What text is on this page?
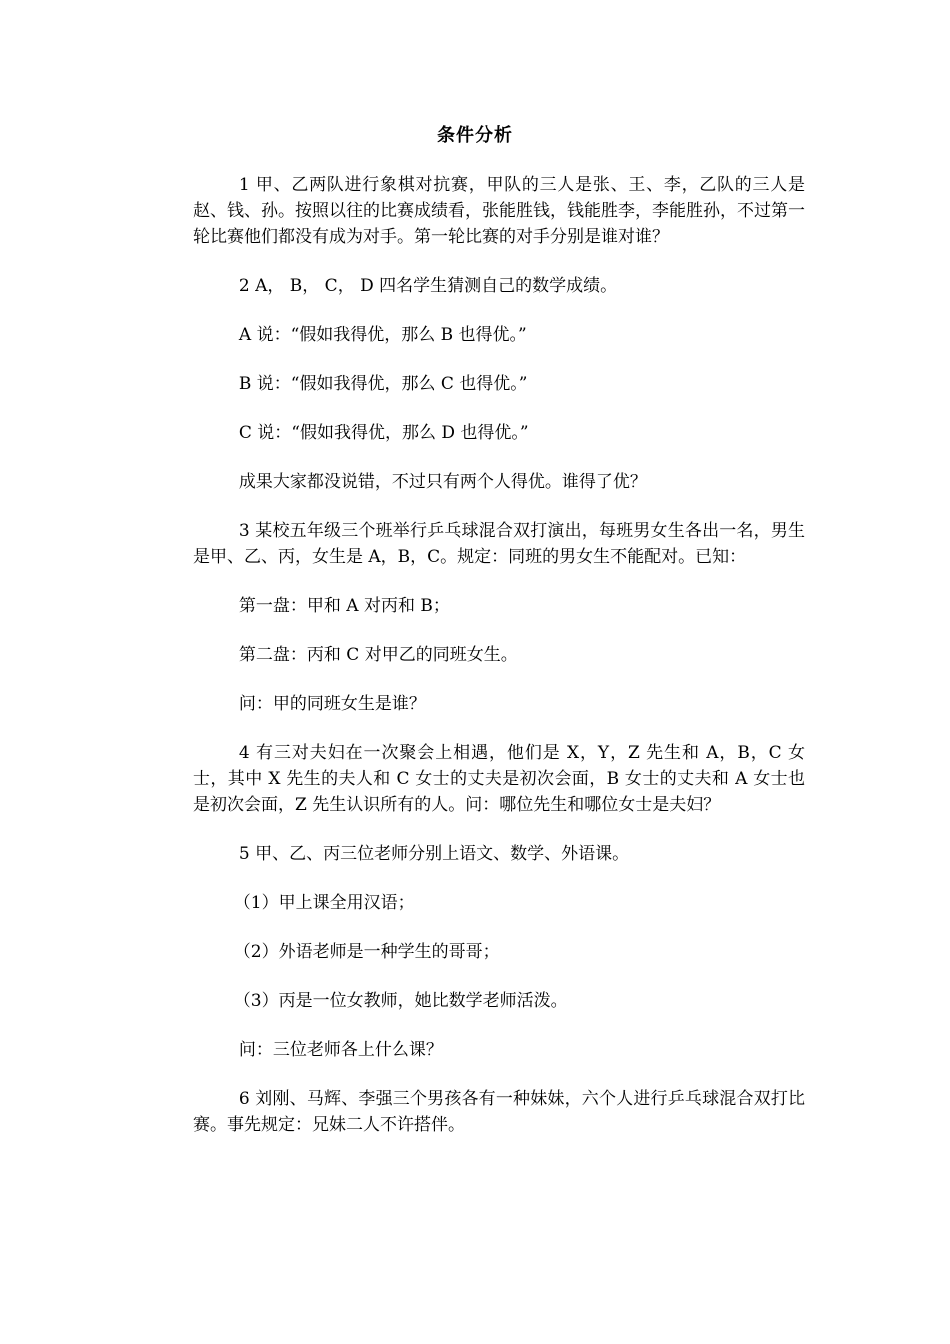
条件分析

1 甲、乙两队进行象棋对抗赛，甲队的三人是张、王、李，乙队的三人是赵、钱、孙。按照以往的比赛成绩看，张能胜钱，钱能胜李，李能胜孙，不过第一轮比赛他们都没有成为对手。第一轮比赛的对手分别是谁对谁？

2 A， B， C， D 四名学生猜测自己的数学成绩。

A 说：“假如我得优，那么 B 也得优。”

B 说：“假如我得优，那么 C 也得优。”

C 说：“假如我得优，那么 D 也得优。”

成果大家都没说错，不过只有两个人得优。谁得了优？

3 某校五年级三个班举行乒乓球混合双打演出，每班男女生各出一名，男生是甲、乙、丙，女生是 A，B，C。规定：同班的男女生不能配对。已知：

第一盘：甲和 A 对丙和 B；

第二盘：丙和 C 对甲乙的同班女生。

问：甲的同班女生是谁？

4 有三对夫妇在一次聚会上相遇，他们是 X，Y，Z 先生和 A，B，C 女士，其中 X 先生的夫人和 C 女士的丈夫是初次会面，B 女士的丈夫和 A 女士也是初次会面，Z 先生认识所有的人。问：哪位先生和哪位女士是夫妇？

5 甲、乙、丙三位老师分别上语文、数学、外语课。

（1）甲上课全用汉语；

（2）外语老师是一种学生的哥哥；

（3）丙是一位女教师，她比数学老师活泼。

问：三位老师各上什么课？

6 刘刚、马辉、李强三个男孩各有一种妹妹，六个人进行乒乓球混合双打比赛。事先规定：兄妹二人不许搭伴。
